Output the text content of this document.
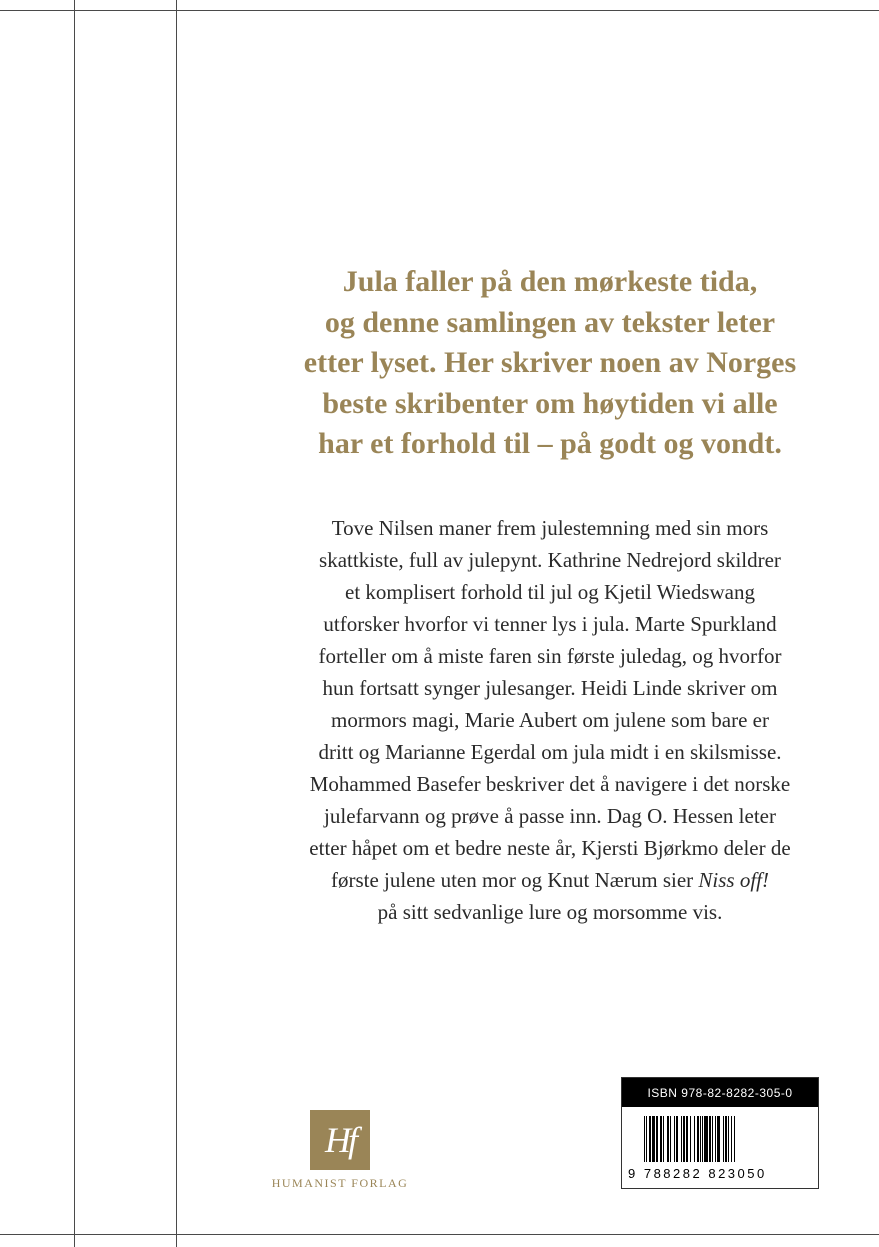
Jula faller på den mørkeste tida,
og denne samlingen av tekster leter
etter lyset. Her skriver noen av Norges
beste skribenter om høytiden vi alle
har et forhold til – på godt og vondt.
Tove Nilsen maner frem julestemning med sin mors
skattkiste, full av julepynt. Kathrine Nedrejord skildrer
et komplisert forhold til jul og Kjetil Wiedswang
utforsker hvorfor vi tenner lys i jula. Marte Spurkland
forteller om å miste faren sin første juledag, og hvorfor
hun fortsatt synger julesanger. Heidi Linde skriver om
mormors magi, Marie Aubert om julene som bare er
dritt og Marianne Egerdal om jula midt i en skilsmisse.
Mohammed Basefer beskriver det å navigere i det norske
julefarvann og prøve å passe inn. Dag O. Hessen leter
etter håpet om et bedre neste år, Kjersti Bjørkmo deler de
første julene uten mor og Knut Nærum sier Niss off!
på sitt sedvanlige lure og morsomme vis.
Hf
HUMANIST FORLAG
ISBN 978-82-8282-305-0
9 788282 823050
